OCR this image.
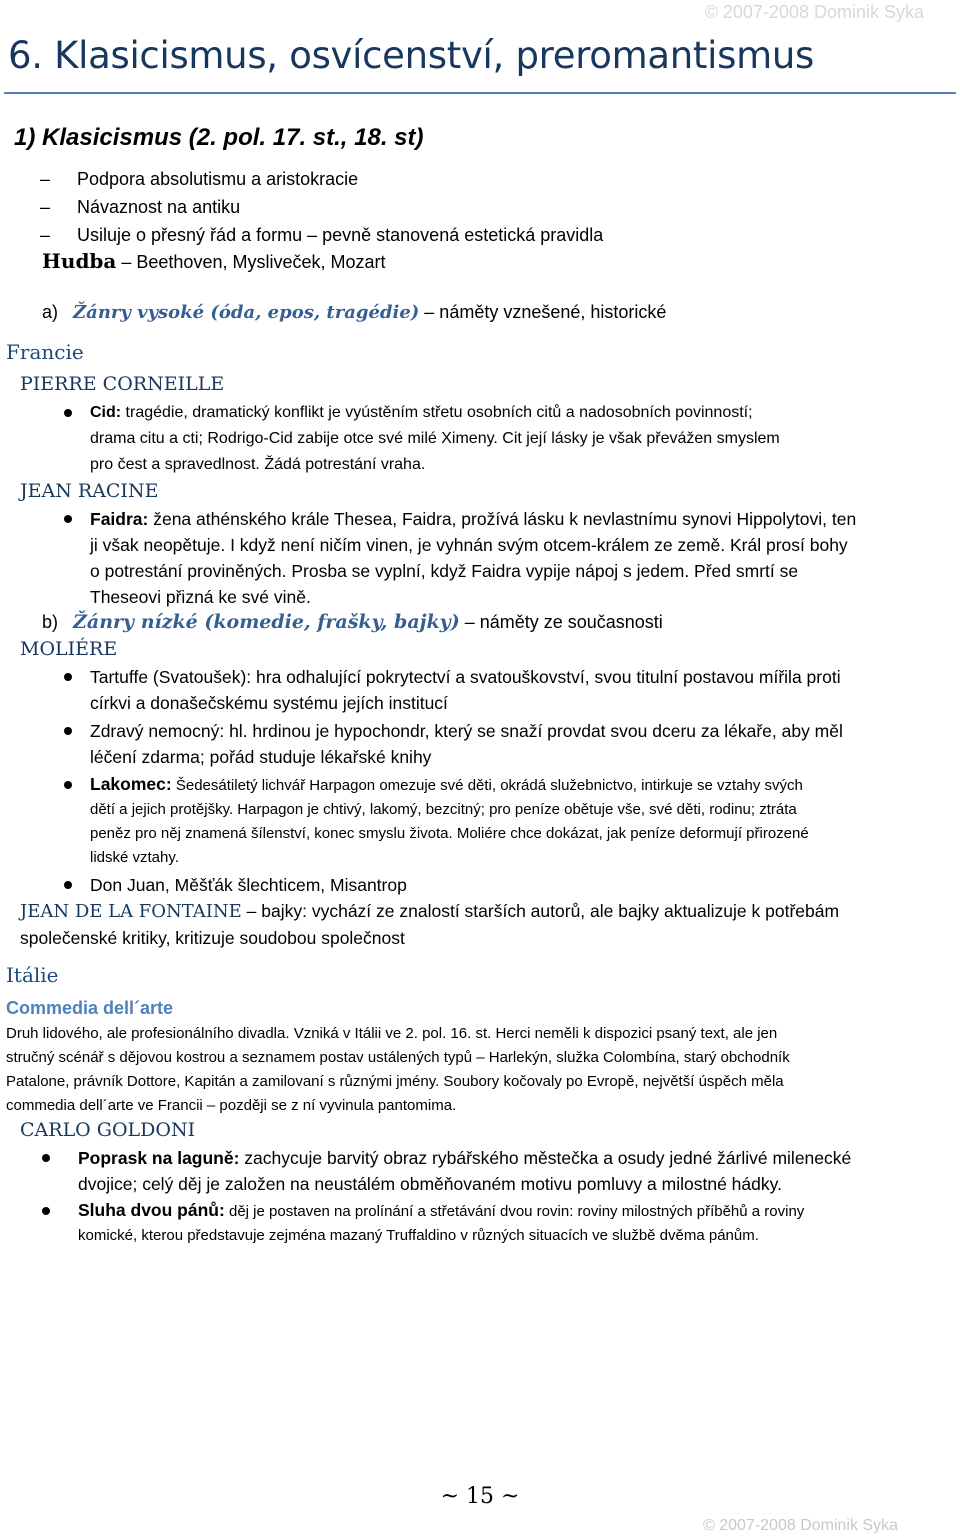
© 2007-2008 Dominik Syka
6. Klasicismus, osvícenství, preromantismus
1) Klasicismus (2. pol. 17. st., 18. st)
– Podpora absolutismu a aristokracie
– Návaznost na antiku
– Usiluje o přesný řád a formu – pevně stanovená estetická pravidla
Hudba – Beethoven, Mysliveček, Mozart
a) Žánry vysoké (óda, epos, tragédie) – náměty vznešené, historické
Francie
PIERRE CORNEILLE
Cid: tragédie, dramatický konflikt je vyústěním střetu osobních citů a nadosobních povinností;
drama citu a cti; Rodrigo-Cid zabije otce své milé Ximeny. Cit její lásky je však převážen smyslem
pro čest a spravedlnost. Žádá potrestání vraha.
JEAN RACINE
Faidra: žena athénského krále Thesea, Faidra, prožívá lásku k nevlastnímu synovi Hippolytovi, ten
ji však neopětuje. I když není ničím vinen, je vyhnán svým otcem-králem ze země. Král prosí bohy
o potrestání proviněných. Prosba se vyplní, když Faidra vypije nápoj s jedem. Před smrtí se
Theseovi přizná ke své vině.
b) Žánry nízké (komedie, frašky, bajky) – náměty ze současnosti
MOLIÉRE
Tartuffe (Svatoušek): hra odhalující pokrytectví a svatouškovství, svou titulní postavou mířila proti
církvi a donašečskému systému jejích institucí
Zdravý nemocný: hl. hrdinou je hypochondr, který se snaží provdat svou dceru za lékaře, aby měl
léčení zdarma; pořád studuje lékařské knihy
Lakomec: Šedesátiletý lichvář Harpagon omezuje své děti, okrádá služebnictvo, intirkuje se vztahy svých
dětí a jejich protějšky. Harpagon je chtivý, lakomý, bezcitný; pro peníze obětuje vše, své děti, rodinu; ztráta
peněz pro něj znamená šílenství, konec smyslu života. Moliére chce dokázat, jak peníze deformují přirozené
lidské vztahy.
Don Juan, Měšťák šlechticem, Misantrop
JEAN DE LA FONTAINE – bajky: vychází ze znalostí starších autorů, ale bajky aktualizuje k potřebám
společenské kritiky, kritizuje soudobou společnost
Itálie
Commedia dell´arte
Druh lidového, ale profesionálního divadla. Vzniká v Itálii ve 2. pol. 16. st. Herci neměli k dispozici psaný text, ale jen
stručný scénář s dějovou kostrou a seznamem postav ustálených typů – Harlekýn, služka Colombína, starý obchodník
Patalone, právník Dottore, Kapitán a zamilovaní s různými jmény. Soubory kočovaly po Evropě, největší úspěch měla
commedia dell´arte ve Francii – později se z ní vyvinula pantomima.
CARLO GOLDONI
Poprask na laguně: zachycuje barvitý obraz rybářského městečka a osudy jedné žárlivé milenecké
dvojice; celý děj je založen na neustálém obměňovaném motivu pomluvy a milostné hádky.
Sluha dvou pánů: děj je postaven na prolínání a střetávání dvou rovin: roviny milostných příběhů a roviny
komické, kterou představuje zejména mazaný Truffaldino v různých situacích ve službě dvěma pánům.
~ 15 ~
© 2007-2008 Dominik Syka
